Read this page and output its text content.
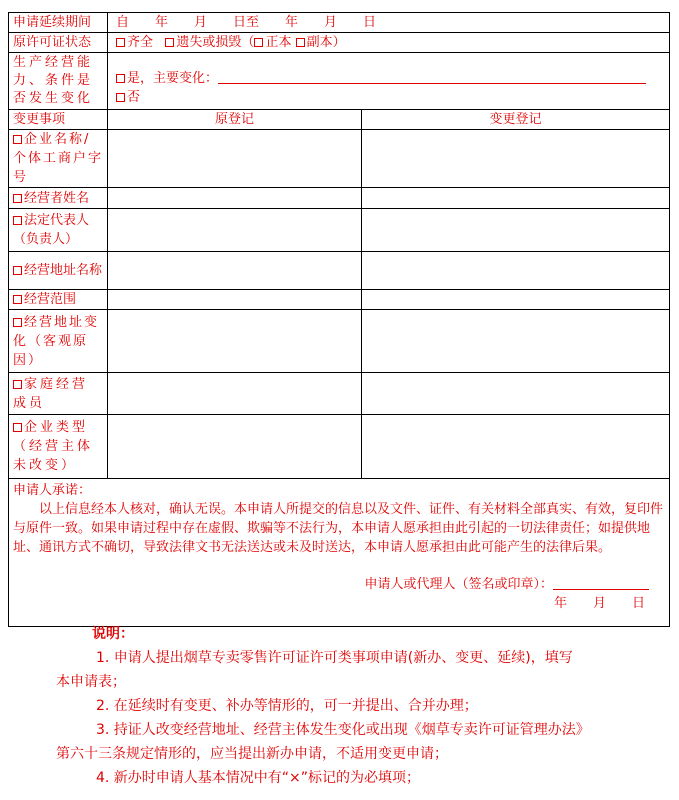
申请延续期间	自　　年　　月　　日至　　年　　月　　日	
原许可证状态	齐全 遗失或损毁（ 正本 副本）	
生产经营能力、条件是否发生变化	是，主要变化：
否	

变更事项	原登记	变更登记
企业名称/个体工商户字号		
经营者姓名		
法定代表人（负责人）		
经营地址名称		
经营范围		
经营地址变化（客观原因）		
家庭经营成员		
企业类型（经营主体未改变）		

申请人承诺：
以上信息经本人核对，确认无误。本申请人所提交的信息以及文件、证件、有关材料全部真实、有效，复印件与原件一致。如果申请过程中存在虚假、欺骗等不法行为，本申请人愿承担由此引起的一切法律责任；如提供地址、通讯方式不确切，导致法律文书无法送达或未及时送达，本申请人愿承担由此可能产生的法律后果。
申请人或代理人（签名或印章）：
年　　月　　日		

说明：

1. 申请人提出烟草专卖零售许可证许可类事项申请(新办、变更、延续)，填写

本申请表；

2. 在延续时有变更、补办等情形的，可一并提出、合并办理；

3. 持证人改变经营地址、经营主体发生变化或出现《烟草专卖许可证管理办法》

第六十三条规定情形的，应当提出新办申请，不适用变更申请；

4. 新办时申请人基本情况中有“×”标记的为必填项；
